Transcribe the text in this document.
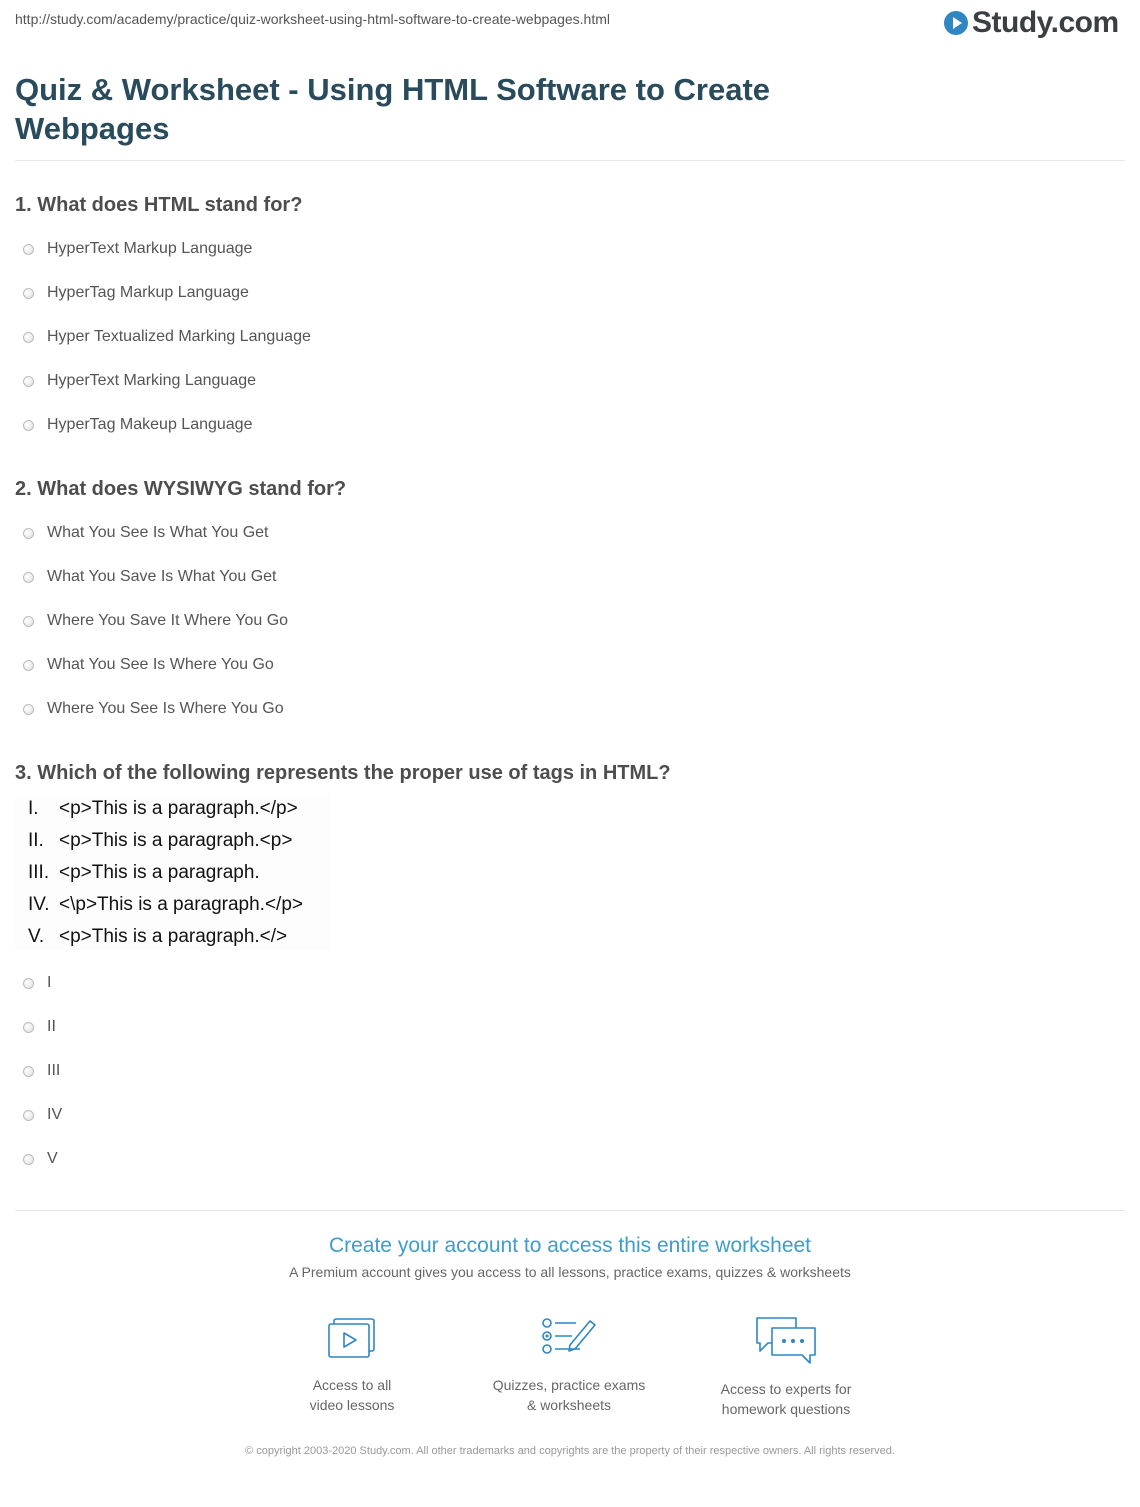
http://study.com/academy/practice/quiz-worksheet-using-html-software-to-create-webpages.html	Study.com
Quiz & Worksheet - Using HTML Software to Create Webpages
1. What does HTML stand for?
HyperText Markup Language
HyperTag Markup Language
Hyper Textualized Marking Language
HyperText Marking Language
HyperTag Makeup Language
2. What does WYSIWYG stand for?
What You See Is What You Get
What You Save Is What You Get
Where You Save It Where You Go
What You See Is Where You Go
Where You See Is Where You Go
3. Which of the following represents the proper use of tags in HTML?
I.	<p>This is a paragraph.</p>
II. <p>This is a paragraph.<p>
III. <p>This is a paragraph.
IV. <\p>This is a paragraph.</p>
V. <p>This is a paragraph.</>
I
II
III
IV
V
Create your account to access this entire worksheet
A Premium account gives you access to all lessons, practice exams, quizzes & worksheets
Access to all
video lessons
Quizzes, practice exams
& worksheets
Access to experts for
homework questions
© copyright 2003-2020 Study.com. All other trademarks and copyrights are the property of their respective owners. All rights reserved.
